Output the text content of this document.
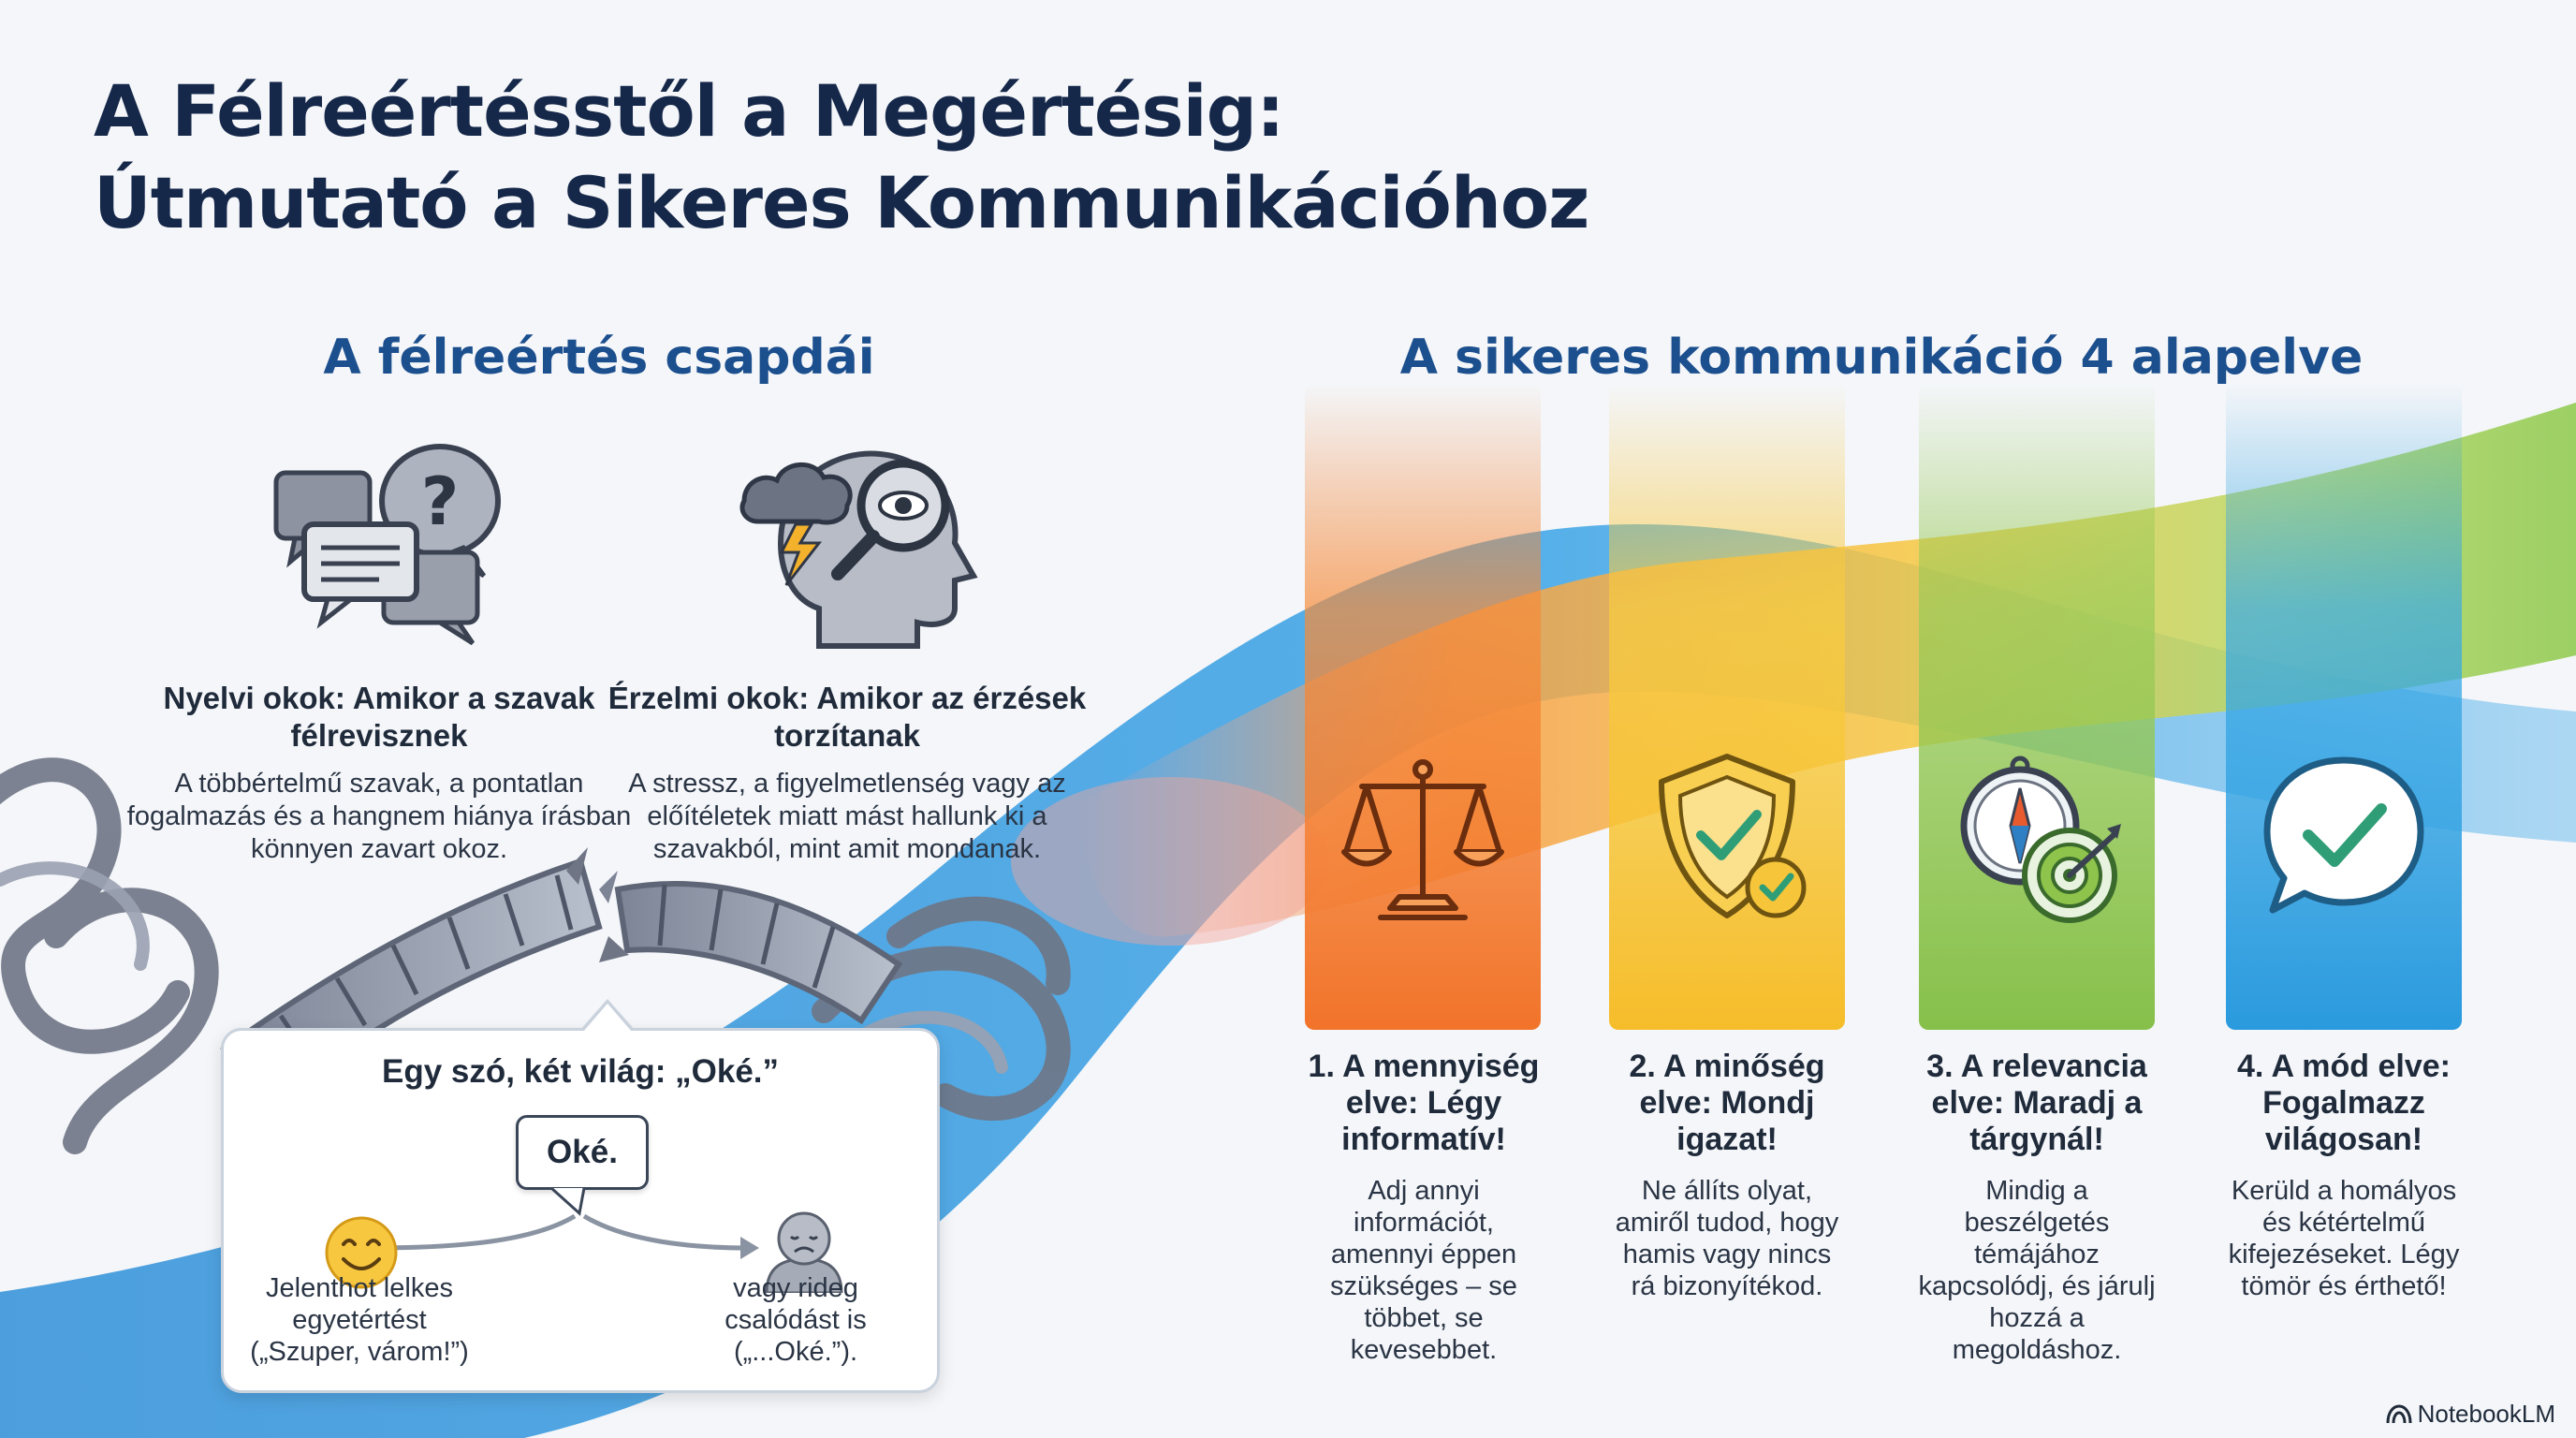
A Félreértésstől a Megértésig:
Útmutató a Sikeres Kommunikációhoz
A félreértés csapdái
?
Nyelvi okok: Amikor a szavak félrevisznek

A többértelmű szavak, a pontatlan fogalmazás és a hangnem hiánya írásban könnyen zavart okoz.

Érzelmi okok: Amikor az érzések torzítanak

A stressz, a figyelmetlenség vagy az előítéletek miatt mást hallunk ki a szavakból, mint amit mondanak.

Egy szó, két világ: „Oké.”
Oké.
Jelenthot lelkes egyetértést („Szuper, várom!”)
vagy rideg csalódást is („...Oké.”).
A sikeres kommunikáció 4 alapelve
1. A mennyiség elve: Légy informatív!

Adj annyi információt, amennyi éppen szükséges – se többet, se kevesebbet.

2. A minőség elve: Mondj igazat!

Ne állíts olyat, amiről tudod, hogy hamis vagy nincs rá bizonyítékod.

3. A relevancia elve: Maradj a tárgynál!

Mindig a beszélgetés témájához kapcsolódj, és járulj hozzá a megoldáshoz.

4. A mód elve: Fogalmazz világosan!

Kerüld a homályos és kétértelmű kifejezéseket. Légy tömör és érthető!

NotebookLM
